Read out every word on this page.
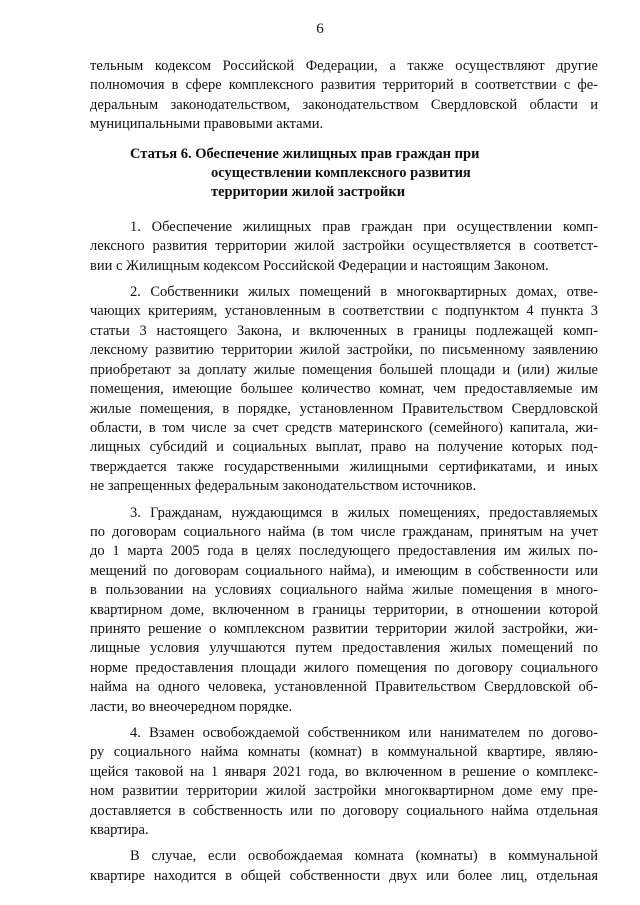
6
тельным кодексом Российской Федерации, а также осуществляют другие
полномочия в сфере комплексного развития территорий в соответствии с фе-
деральным законодательством, законодательством Свердловской области и
муниципальными правовыми актами.
Статья 6. Обеспечение жилищных прав граждан при
осуществлении комплексного развития
территории жилой застройки
1. Обеспечение жилищных прав граждан при осуществлении комп-
лексного развития территории жилой застройки осуществляется в соответст-
вии с Жилищным кодексом Российской Федерации и настоящим Законом.
2. Собственники жилых помещений в многоквартирных домах, отве-
чающих критериям, установленным в соответствии с подпунктом 4 пункта 3
статьи 3 настоящего Закона, и включенных в границы подлежащей комп-
лексному развитию территории жилой застройки, по письменному заявлению
приобретают за доплату жилые помещения большей площади и (или) жилые
помещения, имеющие большее количество комнат, чем предоставляемые им
жилые помещения, в порядке, установленном Правительством Свердловской
области, в том числе за счет средств материнского (семейного) капитала, жи-
лищных субсидий и социальных выплат, право на получение которых под-
тверждается также государственными жилищными сертификатами, и иных
не запрещенных федеральным законодательством источников.
3. Гражданам, нуждающимся в жилых помещениях, предоставляемых
по договорам социального найма (в том числе гражданам, принятым на учет
до 1 марта 2005 года в целях последующего предоставления им жилых по-
мещений по договорам социального найма), и имеющим в собственности или
в пользовании на условиях социального найма жилые помещения в много-
квартирном доме, включенном в границы территории, в отношении которой
принято решение о комплексном развитии территории жилой застройки, жи-
лищные условия улучшаются путем предоставления жилых помещений по
норме предоставления площади жилого помещения по договору социального
найма на одного человека, установленной Правительством Свердловской об-
ласти, во внеочередном порядке.
4. Взамен освобождаемой собственником или нанимателем по догово-
ру социального найма комнаты (комнат) в коммунальной квартире, являю-
щейся таковой на 1 января 2021 года, во включенном в решение о комплекс-
ном развитии территории жилой застройки многоквартирном доме ему пре-
доставляется в собственность или по договору социального найма отдельная
квартира.
В случае, если освобождаемая комната (комнаты) в коммунальной
квартире находится в общей собственности двух или более лиц, отдельная
